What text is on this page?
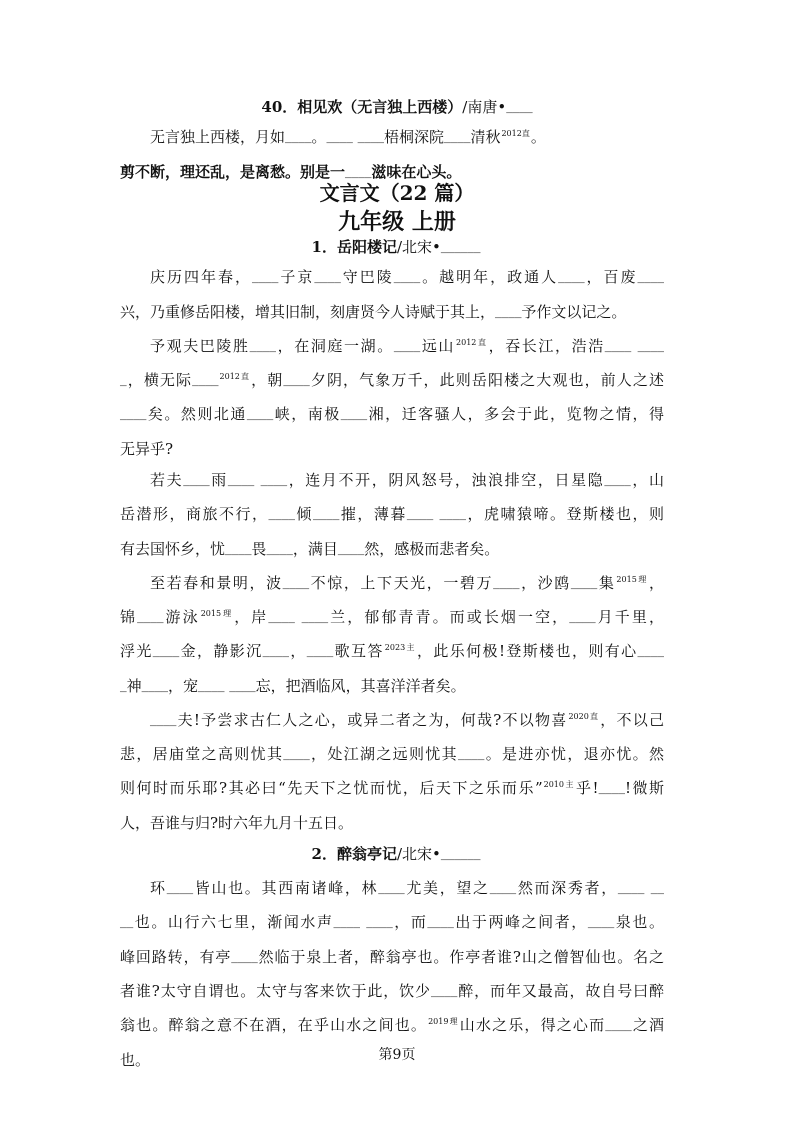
40．相见欢（无言独上西楼）/南唐•____
无言独上西楼，月如____。____ ____梧桐深院____清秋$^{2012直}$。
剪不断，理还乱，是离愁。别是一____滋味在心头。
文言文（22 篇）
九年级 上册
1．岳阳楼记/北宋•______
庆历四年春，____子京____守巴陵____。越明年，政通人____，百废____
兴，乃重修岳阳楼，增其旧制，刻唐贤今人诗赋于其上，____予作文以记之。
予观夫巴陵胜____，在洞庭一湖。____远山$^{2012直}$，吞长江，浩浩____ ____
_，横无际____$^{2012直}$，朝____夕阴，气象万千，此则岳阳楼之大观也，前人之述
____矣。然则北通____峡，南极____湘，迁客骚人，多会于此，览物之情，得
无异乎?
若夫____雨____ ____，连月不开，阴风怒号，浊浪排空，日星隐____，山
岳潜形，商旅不行，____倾____摧，薄暮____ ____，虎啸猿啼。登斯楼也，则
有去国怀乡，忧____畏____，满目____然，感极而悲者矣。
至若春和景明，波____不惊，上下天光，一碧万____，沙鸥____集$^{2015理}$，
锦____游泳$^{2015理}$，岸____ ____兰，郁郁青青。而或长烟一空，____月千里，
浮光____金，静影沉____，____歌互答$^{2023主}$，此乐何极!登斯楼也，则有心____
_神____，宠____ ____忘，把酒临风，其喜洋洋者矣。
____夫!予尝求古仁人之心，或异二者之为，何哉?不以物喜$^{2020直}$，不以己
悲，居庙堂之高则忧其____，处江湖之远则忧其____。是进亦忧，退亦忧。然
则何时而乐耶?其必曰“先天下之忧而忧，后天下之乐而乐”$^{2010主}$乎!____!微斯
人，吾谁与归?时六年九月十五日。
2．醉翁亭记/北宋•______
环____皆山也。其西南诸峰，林____尤美，望之____然而深秀者，____ __
__也。山行六七里，渐闻水声____ ____，而____出于两峰之间者，____泉也。
峰回路转，有亭____然临于泉上者，醉翁亭也。作亭者谁?山之僧智仙也。名之
者谁?太守自谓也。太守与客来饮于此，饮少____醉，而年又最高，故自号曰醉
翁也。醉翁之意不在酒，在乎山水之间也。$^{2019理}$山水之乐，得之心而____之酒
也。	第9页
